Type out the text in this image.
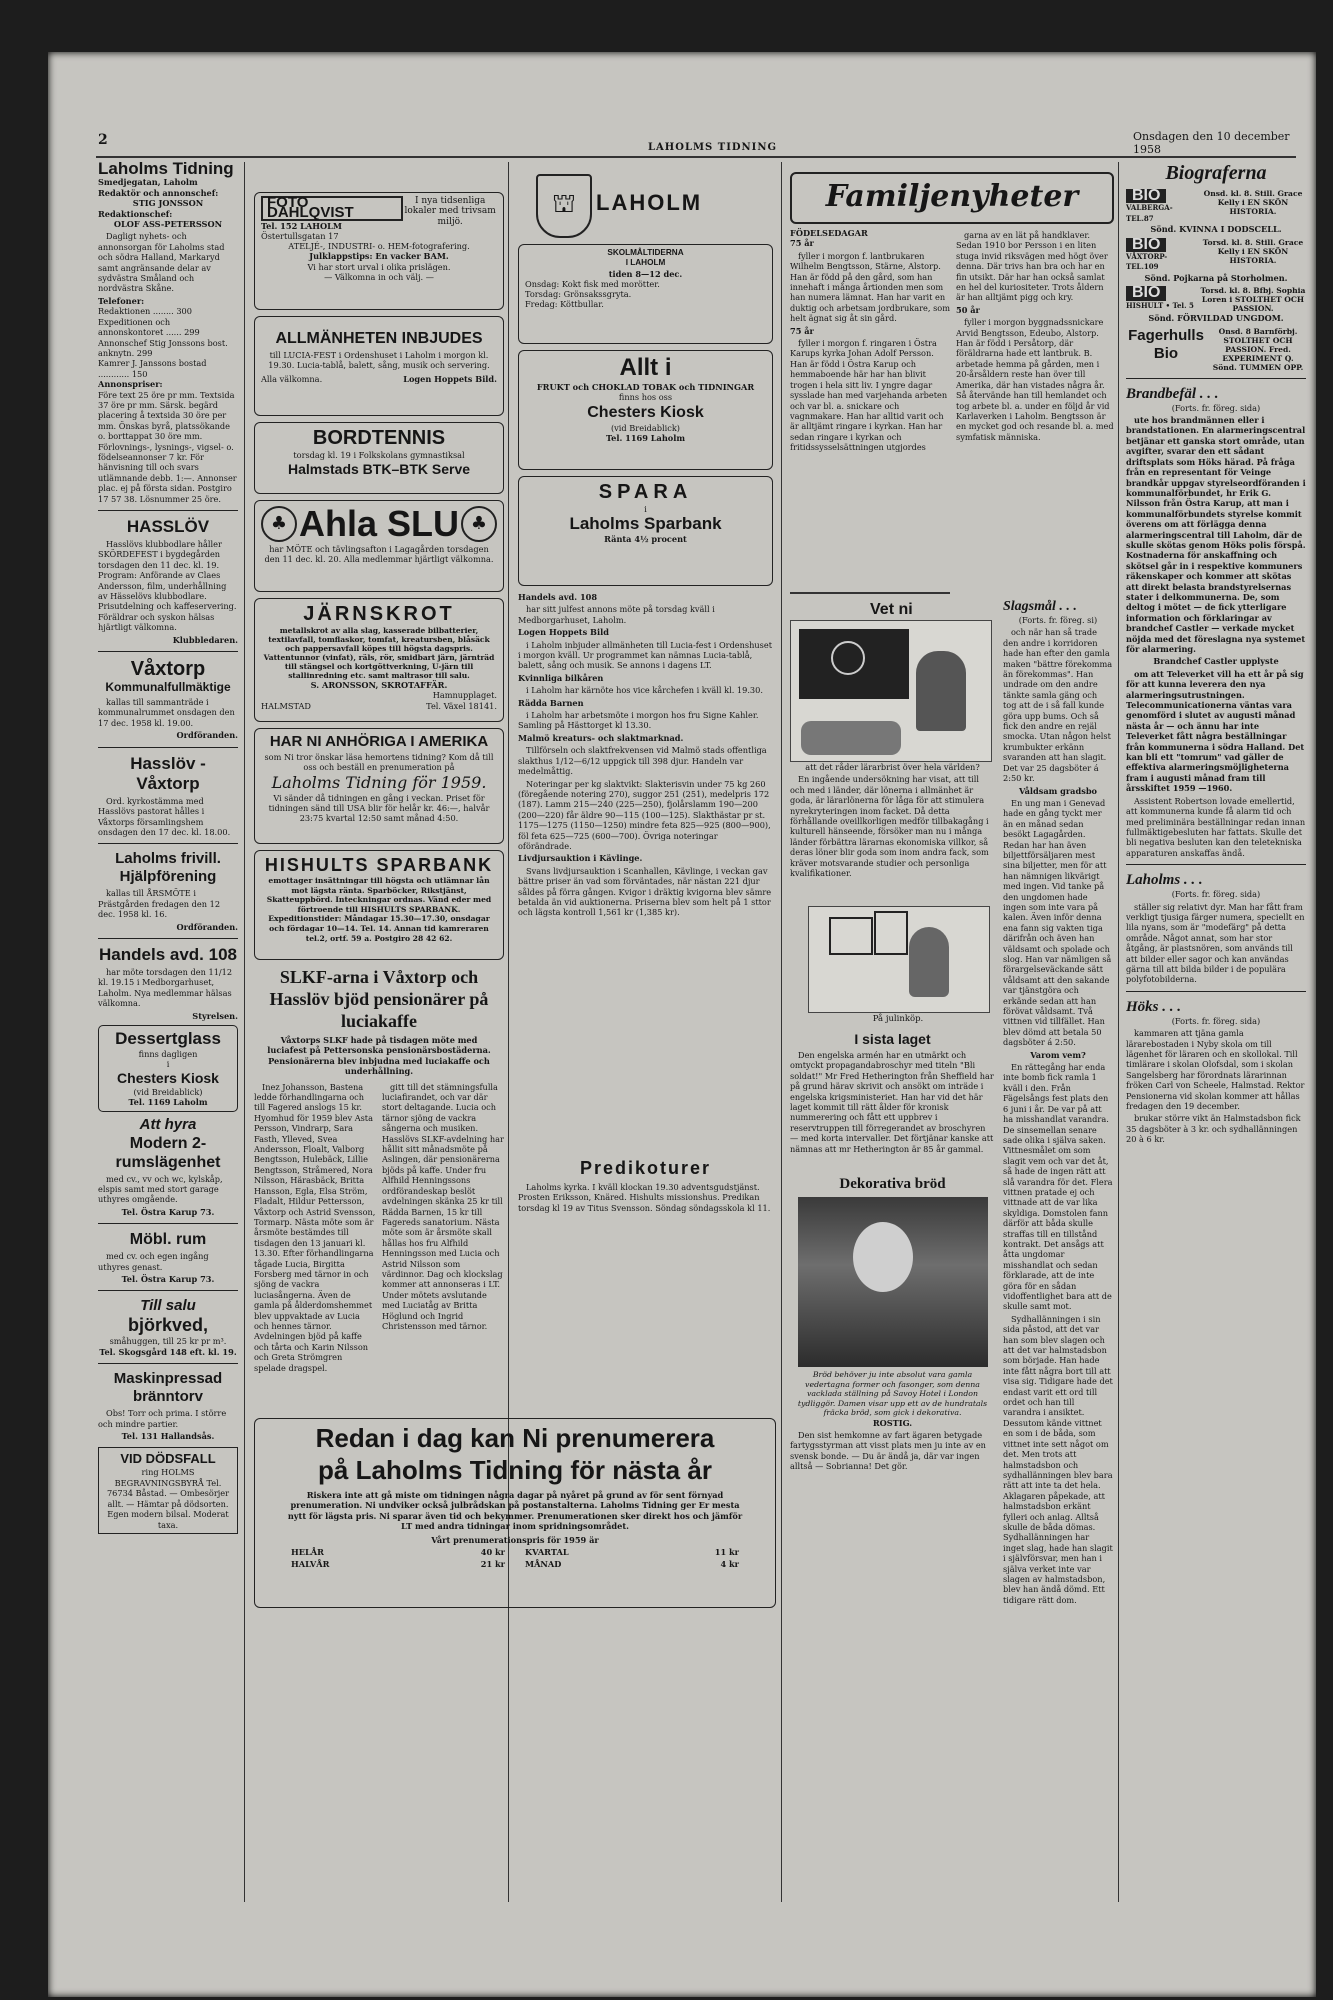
2	LAHOLMS TIDNING
Onsdagen den 10 december 1958
Laholms Tidning
Smedjegatan, Laholm
Redaktör och annonschef:
STIG JONSSON
Redaktionschef:
OLOF ASS-PETERSSON
Dagligt nyhets- och annonsorgan för Laholms stad och södra Halland, Markaryd samt angränsande delar av sydvästra Småland och nordvästra Skåne.
Telefoner:
Redaktionen ........ 300
Expeditionen och annonskontoret ...... 299
Annonschef Stig Jonssons bost. anknytn. 299
Kamrer J. Janssons bostad ............ 150
Annonspriser:
Före text 25 öre pr mm. Textsida 37 öre pr mm. Särsk. begärd placering å textsida 30 öre per mm. Önskas byrå, platssökande o. borttappat 30 öre mm. Förlovnings-, lysnings-, vigsel- o. födelseannonser 7 kr. För hänvisning till och svars utlämnande debb. 1:—. Annonser plac. ej på första sidan. Postgiro 17 57 38. Lösnummer 25 öre.
HASSLÖV
Hasslövs klubbodlare håller SKÖRDEFEST i bygdegården torsdagen den 11 dec. kl. 19. Program: Anförande av Claes Andersson, film, underhållning av Hässelövs klubbodlare. Prisutdelning och kaffeservering. Föräldrar och syskon hälsas hjärtligt välkomna.
Klubbledaren.
Våxtorp
Kommunalfullmäktige
kallas till sammanträde i kommunalrummet onsdagen den 17 dec. 1958 kl. 19.00.
Ordföranden.
Hasslöv - Våxtorp
Ord. kyrkostämma med Hasslövs pastorat hålles i Våxtorps församlingshem onsdagen den 17 dec. kl. 18.00.
Laholms frivill. Hjälpförening
kallas till ÅRSMÖTE i Prästgården fredagen den 12 dec. 1958 kl. 16.
Ordföranden.
Handels avd. 108
har möte torsdagen den 11/12 kl. 19.15 i Medborgarhuset, Laholm. Nya medlemmar hälsas välkomna.
Styrelsen.
Dessertglass
finns dagligen
i
Chesters Kiosk
(vid Breidablick)
Tel. 1169 Laholm
Att hyra
Modern 2-rumslägenhet
med cv., vv och wc, kylskåp, elspis samt med stort garage uthyres omgående.
Tel. Östra Karup 73.
Möbl. rum
med cv. och egen ingång uthyres genast.
Tel. Östra Karup 73.
Till salu
björkved,
småhuggen, till 25 kr pr m³.
Tel. Skogsgård 148 eft. kl. 19.
Maskinpressad bränntorv
Obs! Torr och prima. I större och mindre partier.
Tel. 131 Hallandsås.
VID DÖDSFALL
ring HOLMS BEGRAVNINGSBYRÅ Tel. 76734 Båstad. — Ombesörjer allt. — Hämtar på dödsorten. Egen modern bilsal. Moderat taxa.
FOTO DAHLQVIST
Tel. 152 LAHOLM
Östertullsgatan 17
I nya tidsenliga lokaler med trivsam miljö.
ATELJÉ-, INDUSTRI- o. HEM-fotografering.
Julklappstips: En vacker BAM.
Vi har stort urval i olika prislägen.
— Välkomna in och välj. —
ALLMÄNHETEN INBJUDES
till LUCIA-FEST i Ordenshuset i Laholm i morgon kl. 19.30. Lucia-tablå, balett, sång, musik och servering.
Alla välkomna.	Logen Hoppets Bild.
BORDTENNIS
torsdag kl. 19 i Folkskolans gymnastiksal
Halmstads BTK–BTK Serve
♣ Ahla SLU ♣
har MÖTE och tävlingsafton i Lagagården torsdagen den 11 dec. kl. 20. Alla medlemmar hjärtligt välkomna.
JÄRNSKROT
metallskrot av alla slag, kasserade bilbatterier, textilavfall, tomflaskor, tomfat, kreatursben, blåsäck och pappersavfall köpes till högsta dagspris.
Vattentunnor (vinfat), räls, rör, smidbart järn, järnträd till stängsel och kortgöttverkning, U-järn till stallinredning etc. samt maltrasor till salu.
S. ARONSSON, SKROTAFFÄR.
Hamnupplaget.
HALMSTAD	Tel. Växel 18141.
HAR NI ANHÖRIGA I AMERIKA
som Ni tror önskar läsa hemortens tidning? Kom då till oss och beställ en prenumeration på
Laholms Tidning för 1959.
Vi sänder då tidningen en gång i veckan. Priset för tidningen sänd till USA blir för helår kr. 46:—, halvår 23:75 kvartal 12:50 samt månad 4:50.
HISHULTS SPARBANK
emottager insättningar till högsta och utlämnar lån mot lägsta ränta. Sparböcker, Rikstjänst, Skatteuppbörd. Inteckningar ordnas. Vänd eder med förtroende till HISHULTS SPARBANK. Expeditionstider: Måndagar 15.30—17.30, onsdagar och fördagar 10—14. Tel. 14. Annan tid kamreraren tel.2, ortf. 59 a. Postgiro 28 42 62.
SLKF-arna i Våxtorp och Hasslöv bjöd pensionärer på luciakaffe
Våxtorps SLKF hade på tisdagen möte med luciafest på Pettersonska pensionärsbostäderna. Pensionärerna blev inbjudna med luciakaffe och underhållning.
Inez Johansson, Bastena ledde förhandlingarna och till Fagered anslogs 15 kr. Hyomhud för 1959 blev Asta Persson, Vindrarp, Sara Fasth, Ylleved, Svea Andersson, Floalt, Valborg Bengtsson, Hulebäck, Lillie Bengtsson, Stråmered, Nora Nilsson, Härasbäck, Britta Hansson, Egla, Elsa Ström, Fladalt, Hildur Pettersson, Våxtorp och Astrid Svensson, Tormarp. Nästa möte som är årsmöte bestämdes till tisdagen den 13 januari kl. 13.30. Efter förhandlingarna tågade Lucia, Birgitta Forsberg med tärnor in och sjöng de vackra luciasångerna. Även de gamla på ålderdomshemmet blev uppvaktade av Lucia och hennes tärnor. Avdelningen bjöd på kaffe och tårta och Karin Nilsson och Greta Strömgren spelade dragspel.
gitt till det stämningsfulla luciafirandet, och var där stort deltagande. Lucia och tärnor sjöng de vackra sångerna och musiken. Hasslövs SLKF-avdelning har hållit sitt månadsmöte på Aslingen, där pensionärerna bjöds på kaffe. Under fru Alfhild Henningssons ordförandeskap beslöt avdelningen skänka 25 kr till Rädda Barnen, 15 kr till Fagereds sanatorium. Nästa möte som är årsmöte skall hållas hos fru Alfhild Henningsson med Lucia och Astrid Nilsson som värdinnor. Dag och klockslag kommer att annonseras i LT. Under mötets avslutande med Luciatåg av Britta Höglund och Ingrid Christensson med tärnor.
⛫ LAHOLM
SKOLMÅLTIDERNA
I LAHOLM
tiden 8—12 dec.
Onsdag: Kokt fisk med morötter.
Torsdag: Grönsakssgryta.
Fredag: Köttbullar.
Allt i
FRUKT och CHOKLAD TOBAK och TIDNINGAR
finns hos oss
Chesters Kiosk
(vid Breidablick)
Tel. 1169 Laholm
SPARA
i
Laholms Sparbank
Ränta 4½ procent
Handels avd. 108
har sitt julfest annons möte på torsdag kväll i Medborgarhuset, Laholm.
Logen Hoppets Bild
i Laholm inbjuder allmänheten till Lucia-fest i Ordenshuset i morgon kväll. Ur programmet kan nämnas Lucia-tablå, balett, sång och musik. Se annons i dagens LT.
Kvinnliga bilkåren
i Laholm har kärnöte hos vice kårchefen i kväll kl. 19.30.
Rädda Barnen
i Laholm har arbetsmöte i morgon hos fru Signe Kahler. Samling på Hästtorget kl 13.30.
Malmö kreaturs- och slaktmarknad.
Tillförseln och slaktfrekvensen vid Malmö stads offentliga slakthus 1/12—6/12 uppgick till 398 djur. Handeln var medelmåttig.
Noteringar per kg slaktvikt: Slakterisvin under 75 kg 260 (föregående notering 270), suggor 251 (251), medelpris 172 (187). Lamm 215—240 (225—250), fjolårslamm 190—200 (200—220) får äldre 90—115 (100—125). Slakthästar pr st. 1175—1275 (1150—1250) mindre feta 825—925 (800—900), föl feta 625—725 (600—700). Övriga noteringar oförändrade.
Livdjursauktion i Kävlinge.
Svans livdjursauktion i Scanhallen, Kävlinge, i veckan gav bättre priser än vad som förväntades, när nästan 221 djur såldes på förra gången. Kvigor i dräktig kvigorna blev sämre betalda än vid auktionerna. Priserna blev som helt på 1 sttor och lägsta kontroll 1,561 kr (1,385 kr).
Predikoturer
Laholms kyrka. I kväll klockan 19.30 adventsgudstjänst. Prosten Eriksson, Knäred. Hishults missionshus. Predikan torsdag kl 19 av Titus Svensson. Söndag söndagsskola kl 11.
Redan i dag kan Ni prenumerera
på Laholms Tidning för nästa år
Riskera inte att gå miste om tidningen några dagar på nyåret på grund av för sent förnyad prenumeration. Ni undviker också julbrådskan på postanstalterna. Laholms Tidning ger Er mesta nytt för lägsta pris. Ni sparar även tid och bekymmer. Prenumerationen sker direkt hos och jämför LT med andra tidningar inom spridningsområdet.
Vårt prenumerationspris för 1959 är
HELÅR	40 kr KVARTAL	11 kr
HALVÅR	21 kr MÅNAD	4 kr
Familjenyheter
FÖDELSEDAGAR
75 år
fyller i morgon f. lantbrukaren Wilhelm Bengtsson, Stärne, Alstorp. Han är född på den gård, som han innehaft i många årtionden men som han numera lämnat. Han har varit en duktig och arbetsam jordbrukare, som helt ägnat sig åt sin gård.
75 år
fyller i morgon f. ringaren i Östra Karups kyrka Johan Adolf Persson. Han är född i Östra Karup och hemmaboende här har han blivit trogen i hela sitt liv. I yngre dagar sysslade han med varjehanda arbeten och var bl. a. snickare och vagnmakare. Han har alltid varit och är alltjämt ringare i kyrkan. Han har sedan ringare i kyrkan och fritidssysselsättningen utgjordes
garna av en lät på handklaver. Sedan 1910 bor Persson i en liten stuga invid riksvägen med högt över denna. Där trivs han bra och har en fin utsikt. Där har han också samlat en hel del kuriositeter. Trots åldern är han alltjämt pigg och kry.
50 år
fyller i morgon byggnadssnickare Arvid Bengtsson, Edeubo, Alstorp. Han är född i Persåtorp, där föräldrarna hade ett lantbruk. B. arbetade hemma på gården, men i 20-årsåldern reste han över till Amerika, där han vistades några år. Så återvände han till hemlandet och tog arbete bl. a. under en följd år vid Karlaverken i Laholm. Bengtsson är en mycket god och resande bl. a. med symfatisk människa.
Vet ni
att det råder lärarbrist över hela världen?
En ingående undersökning har visat, att till och med i länder, där lönerna i allmänhet är goda, är lärarlönerna för låga för att stimulera nyrekryteringen inom facket. Då detta förhållande oveillkorligen medför tillbakagång i kulturell hänseende, försöker man nu i många länder förbättra lärarnas ekonomiska villkor, så deras löner blir goda som inom andra fack, som kräver motsvarande studier och personliga kvalifikationer.
På julinköp.
I sista laget
Den engelska armén har en utmärkt och omtyckt propagandabroschyr med titeln "Bli soldat!" Mr Fred Hetherington från Sheffield har på grund härav skrivit och ansökt om inträde i engelska krigsministeriet. Han har vid det här laget kommit till rätt ålder för kronisk nummerering och fått ett uppbrev i reservtruppen till förregerandet av broschyren — med korta intervaller. Det förtjänar kanske att nämnas att mr Hetherington är 85 år gammal.
Dekorativa bröd
Bröd behöver ju inte absolut vara gamla vedertagna former och fasonger, som denna vacklada ställning på Savoy Hotel i London tydliggör. Damen visar upp ett av de hundratals fräcka bröd, som gick i dekorativa.
ROSTIG.
Den sist hemkomne av fart ägaren betygade fartygsstyrman att visst plats men ju inte av en svensk bonde. — Du är ändå ja, där var ingen alltså — Sobrianna! Det gör.
Slagsmål . . .
(Forts. fr. föreg. si)
och när han så trade den andre i korridoren hade han efter den gamla maken "bättre förekomma än förekommas". Han undrade om den andre tänkte samla gäng och tog att de i så fall kunde göra upp bums. Och så fick den andre en rejäl smocka. Utan någon helst krumbukter erkänn svaranden att han slagit. Det var 25 dagsböter á 2:50 kr.
Våldsam gradsbo
En ung man i Genevad hade en gång tyckt mer än en månad sedan besökt Lagagården. Redan har han även biljettförsäljaren mest sina biljetter, men för att han nämnigen likvärigt med ingen. Vid tanke på den ungdomen hade ingen som inte vara på kalen. Även inför denna ena fann sig vakten tiga därifrån och även han väldsamt och spolade och slog. Han var nämligen så förargelseväckande sätt våldsamt att den sakande var tjänstgöra och erkände sedan att han förövat våldsamt. Två vittnen vid tillfället. Han blev dömd att betala 50 dagsböter á 2:50.
Varom vem?
En rättegång har enda inte bomb fick ramla 1 kväll i den. Från Fägelsångs fest plats den 6 juni i år. De var på att ha misshandlat varandra. De sinsemellan senare sade olika i själva saken. Vittnesmålet om som slagit vem och var det åt, så hade de ingen rätt att slå varandra för det. Flera vittnen pratade ej och vittnade att de var lika skyldiga. Domstolen fann därför att båda skulle straffas till en tillstånd kontrakt. Det ansågs att åtta ungdomar misshandlat och sedan förklarade, att de inte göra för en sådan vidoffentlighet bara att de skulle samt mot.
Sydhallänningen i sin sida påstod, att det var han som blev slagen och att det var halmstadsbon som började. Han hade inte fått några bort till att visa sig. Tidigare hade det endast varit ett ord till ordet och han till varandra i ansiktet. Dessutom kände vittnet en som i de båda, som vittnet inte sett något om det. Men trots att halmstadsbon och sydhallänningen blev bara rätt att inte ta det hela. Aklagaren påpekade, att halmstadsbon erkänt fylleri och anlag. Alltså skulle de båda dömas. Sydhallänningen har inget slag, hade han slagit i självförsvar, men han i själva verket inte var slagen av halmstadsbon, blev han ändå dömd. Ett tidigare rätt dom.
Biograferna
BIO
VALBERGA-TEL.87
Onsd. kl. 8. Still. Grace Kelly i EN SKÖN HISTORIA.
Sönd. KVINNA I DODSCELL.
BIO
VÅXTORP-TEL.109
Torsd. kl. 8. Still. Grace Kelly i EN SKÖN HISTORIA.
Sönd. Pojkarna på Storholmen.
BIO
HISHULT • Tel. 5
Torsd. kl. 8. Bfbj. Sophia Loren i STOLTHET OCH PASSION.
Sönd. FÖRVILDAD UNGDOM.
Fagerhulls Bio
Onsd. 8 Barnförbj. STOLTHET OCH PASSION. Fred. EXPERIMENT Q. Sönd. TUMMEN OPP.
Brandbefäl . . .
(Forts. fr. föreg. sida)
ute hos brandmännen eller i brandstationen. En alarmeringscentral betjänar ett ganska stort område, utan avgifter, svarar den ett sådant driftsplats som Höks härad. På fråga från en representant för Veinge brandkår uppgav styrelseordföranden i kommunalförbundet, hr Erik G. Nilsson från Östra Karup, att man i kommunalförbundets styrelse kommit överens om att förlägga denna alarmeringscentral till Laholm, där de skulle skötas genom Höks polis förspå. Kostnaderna för anskaffning och skötsel går in i respektive kommuners räkenskaper och kommer att skötas att direkt belasta brandstyrelsernas stater i delkommunerna. De, som deltog i mötet — de fick ytterligare information och förklaringar av brandchef Castler — verkade mycket nöjda med det föreslagna nya systemet för alarmering.
Brandchef Castler upplyste
om att Televerket vill ha ett år på sig för att kunna leverera den nya alarmeringsutrustningen. Telecommunicationerna väntas vara genomförd i slutet av augusti månad nästa år — och ännu har inte Televerket fått några beställningar från kommunerna i södra Halland. Det kan bli ett "tomrum" vad gäller de effektiva alarmeringsmöjligheterna fram i augusti månad fram till årsskiftet 1959 —1960.
Assistent Robertson lovade emellertid, att kommunerna kunde få alarm tid och med preliminära beställningar redan innan fullmäktigebesluten har fattats. Skulle det bli negativa besluten kan den teletekniska apparaturen anskaffas ändå.
Laholms . . .
(Forts. fr. föreg. sida)
ställer sig relativt dyr. Man har fått fram verkligt tjusiga färger numera, speciellt en lila nyans, som är "modefärg" på detta område. Något annat, som har stor åtgång, är plastsnören, som används till att bilder eller sagor och kan användas gärna till att bilda bilder i de populära polyfotobilderna.
Höks . . .
(Forts. fr. föreg. sida)
kammaren att tjäna gamla lärarebostaden i Nyby skola om till lägenhet för läraren och en skollokal. Till timlärare i skolan Olofsdal, som i skolan Sangelsberg har förordnats lärarinnan fröken Carl von Scheele, Halmstad. Rektor Pensionerna vid skolan kommer att hållas fredagen den 19 december.
brukar större vikt än Halmstadsbon fick 35 dagsböter à 3 kr. och sydhallänningen 20 à 6 kr.
